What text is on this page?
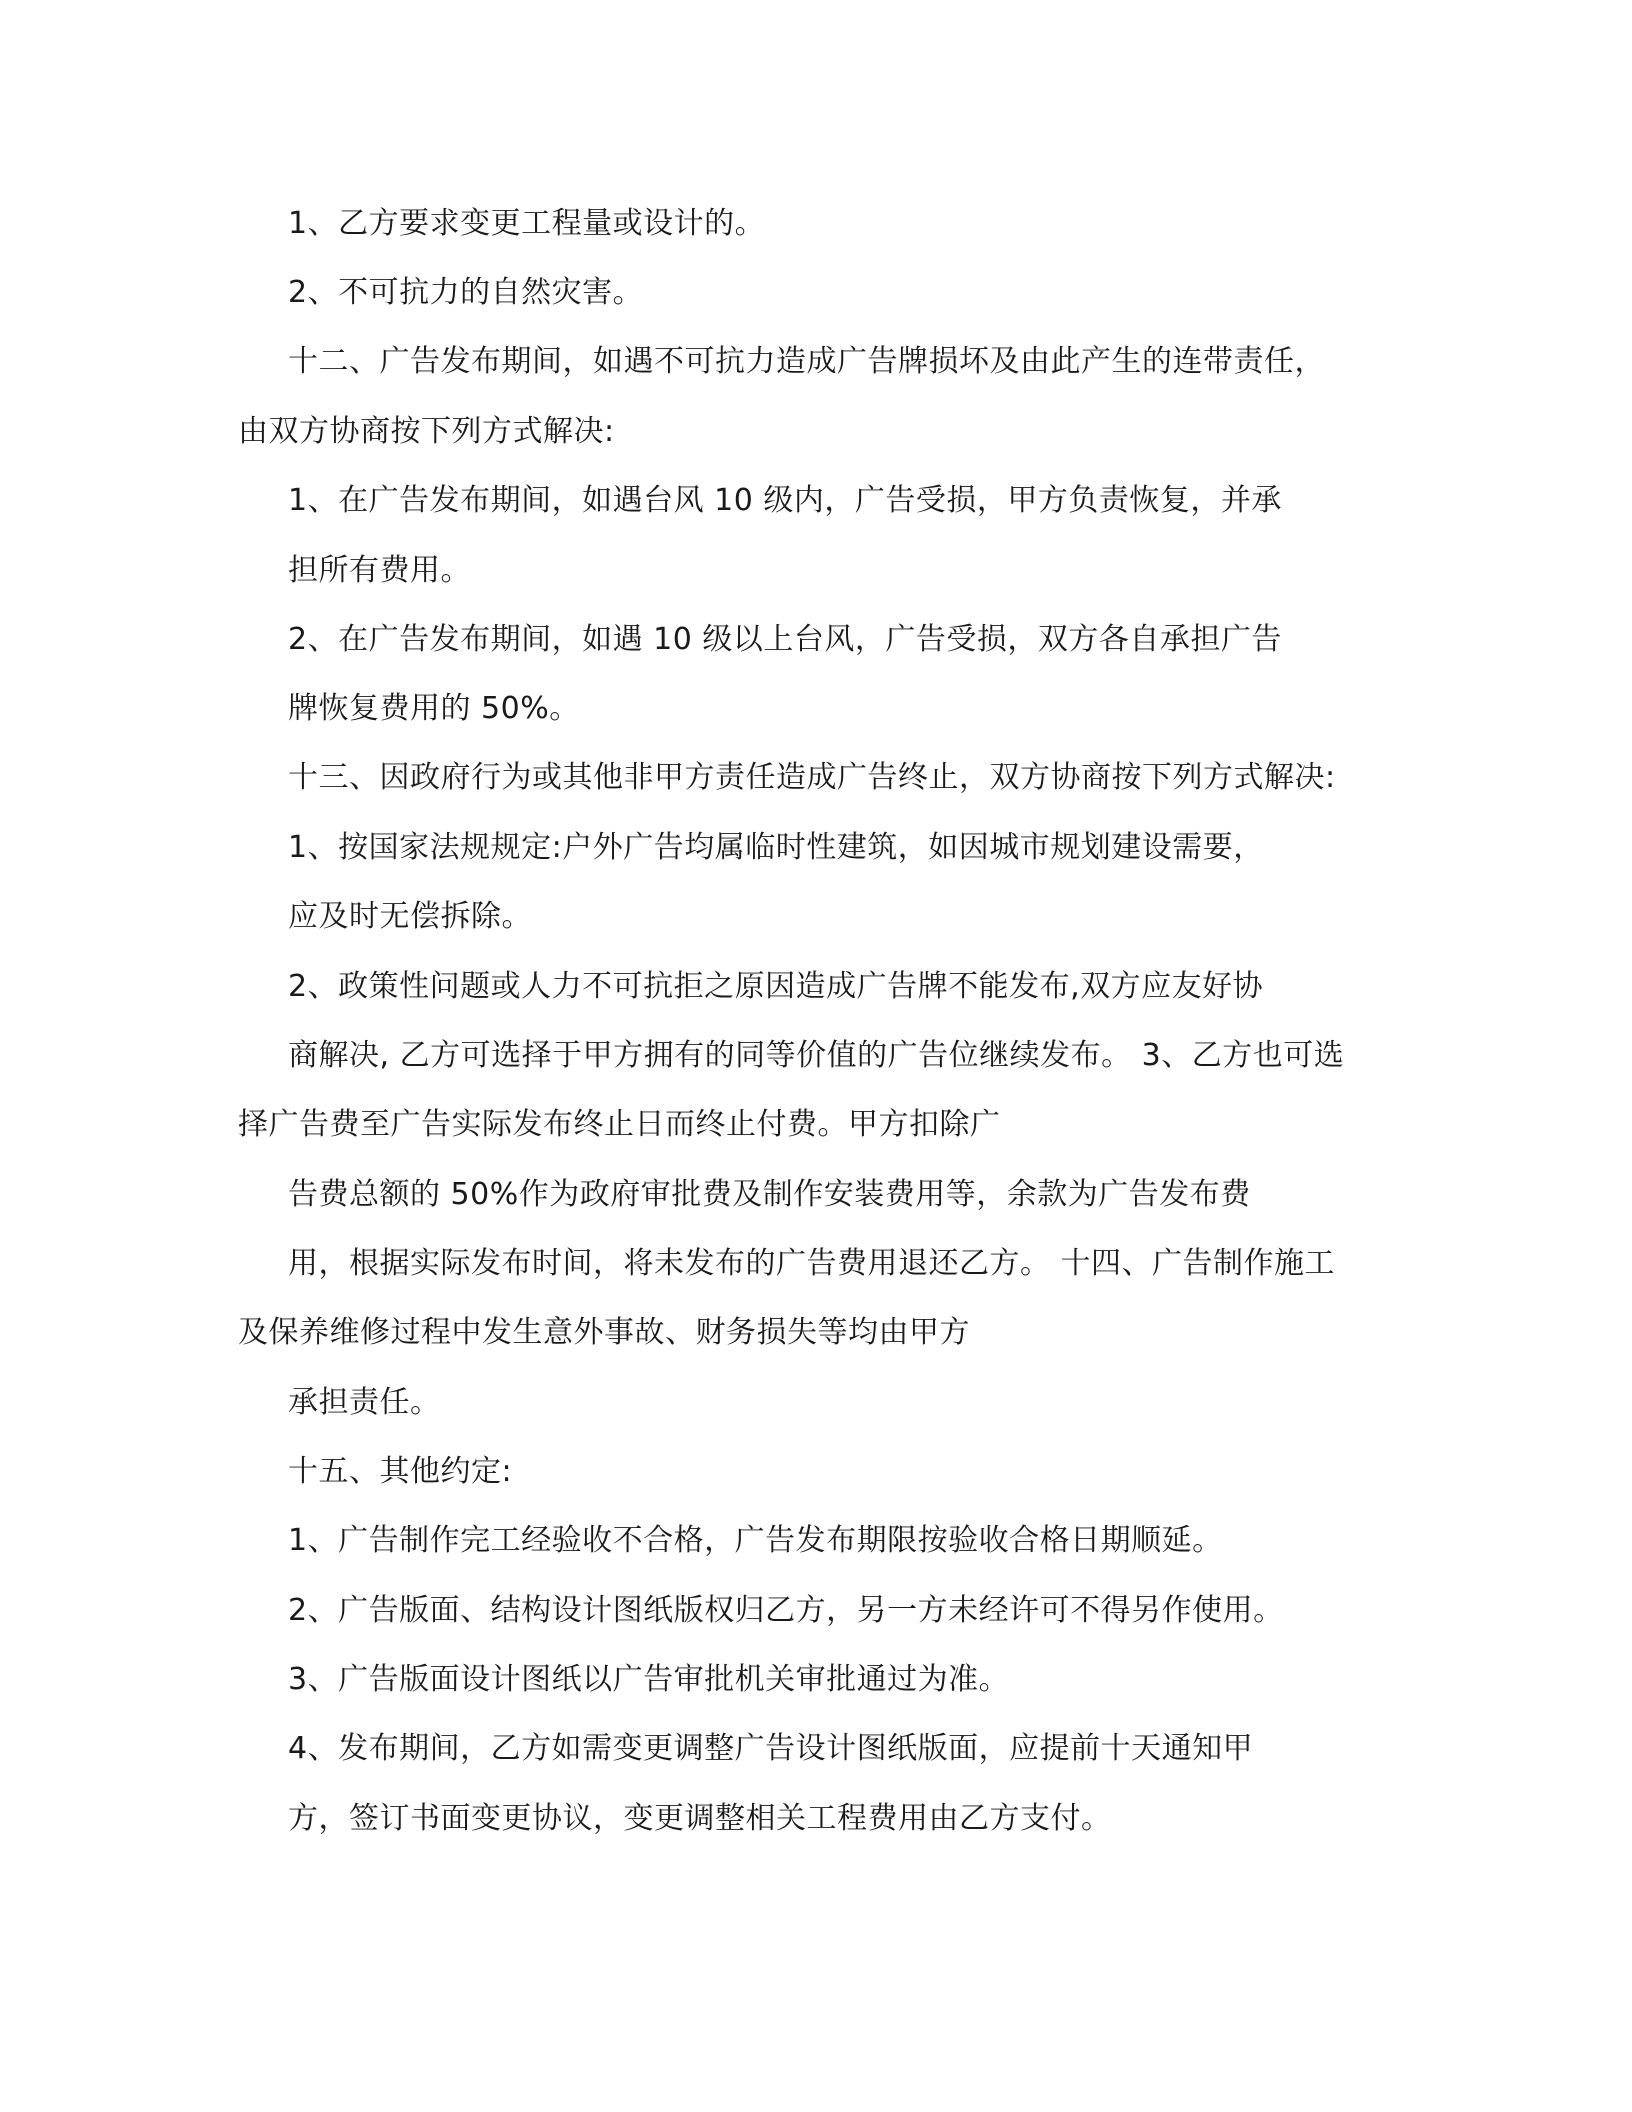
1、乙方要求变更工程量或设计的。
2、不可抗力的自然灾害。
十二、广告发布期间，如遇不可抗力造成广告牌损坏及由此产生的连带责任，
由双方协商按下列方式解决:
1、在广告发布期间，如遇台风 10 级内，广告受损，甲方负责恢复，并承
担所有费用。
2、在广告发布期间，如遇 10 级以上台风，广告受损，双方各自承担广告
牌恢复费用的 50%。
十三、因政府行为或其他非甲方责任造成广告终止，双方协商按下列方式解决:
1、按国家法规规定:户外广告均属临时性建筑，如因城市规划建设需要，
应及时无偿拆除。
2、政策性问题或人力不可抗拒之原因造成广告牌不能发布,双方应友好协
商解决, 乙方可选择于甲方拥有的同等价值的广告位继续发布。 3、乙方也可选
择广告费至广告实际发布终止日而终止付费。甲方扣除广
告费总额的 50%作为政府审批费及制作安装费用等，余款为广告发布费
用，根据实际发布时间，将未发布的广告费用退还乙方。 十四、广告制作施工
及保养维修过程中发生意外事故、财务损失等均由甲方
承担责任。
十五、其他约定:
1、广告制作完工经验收不合格，广告发布期限按验收合格日期顺延。
2、广告版面、结构设计图纸版权归乙方，另一方未经许可不得另作使用。
3、广告版面设计图纸以广告审批机关审批通过为准。
4、发布期间，乙方如需变更调整广告设计图纸版面，应提前十天通知甲
方，签订书面变更协议，变更调整相关工程费用由乙方支付。
